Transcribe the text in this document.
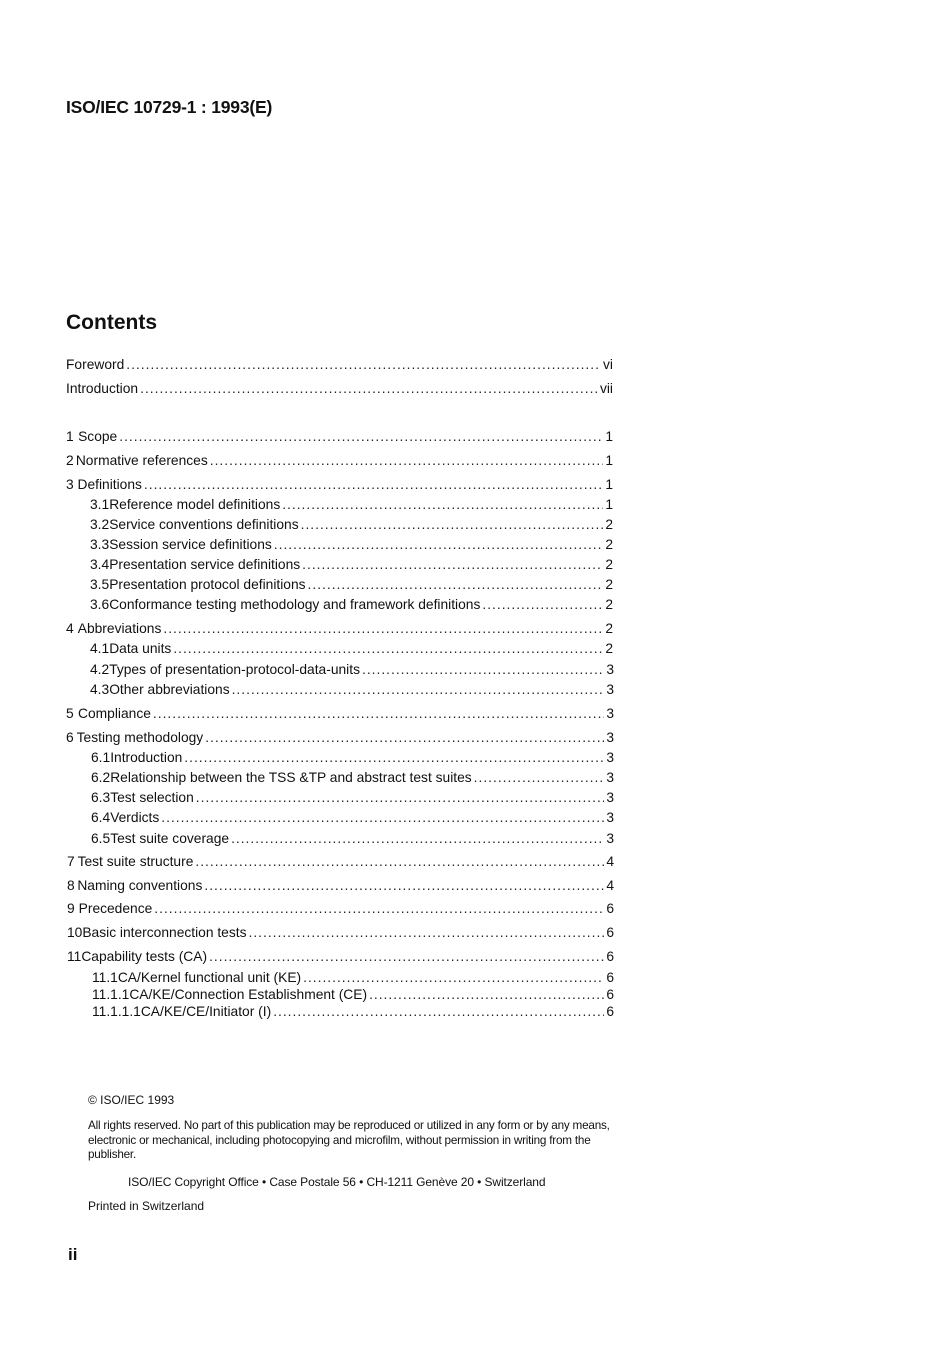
ISO/IEC 10729-1 : 1993(E)
Contents
Foreword .....	vi
Introduction .....	vii
1 Scope .....	1
2 Normative references .....	1
3 Definitions .....	1
3.1 Reference model definitions .....	1
3.2 Service conventions definitions .....	2
3.3 Session service definitions .....	2
3.4 Presentation service definitions .....	2
3.5 Presentation protocol definitions .....	2
3.6 Conformance testing methodology and framework definitions .....	2
4 Abbreviations .....	2
4.1 Data units .....	2
4.2 Types of presentation-protocol-data-units .....	3
4.3 Other abbreviations .....	3
5 Compliance .....	3
6 Testing methodology .....	3
6.1 Introduction .....	3
6.2 Relationship between the TSS &TP and abstract test suites .....	3
6.3 Test selection .....	3
6.4 Verdicts .....	3
6.5 Test suite coverage .....	3
7 Test suite structure .....	4
8 Naming conventions .....	4
9 Precedence .....	6
10 Basic interconnection tests .....	6
11 Capability tests (CA) .....	6
11.1 CA/Kernel functional unit (KE) .....	6
11.1.1 CA/KE/Connection Establishment (CE) .....	6
11.1.1.1 CA/KE/CE/Initiator (I) .....	6
© ISO/IEC 1993
All rights reserved. No part of this publication may be reproduced or utilized in any form or by any means, electronic or mechanical, including photocopying and microfilm, without permission in writing from the publisher.
ISO/IEC Copyright Office • Case Postale 56 • CH-1211 Genève 20 • Switzerland
Printed in Switzerland
ii
